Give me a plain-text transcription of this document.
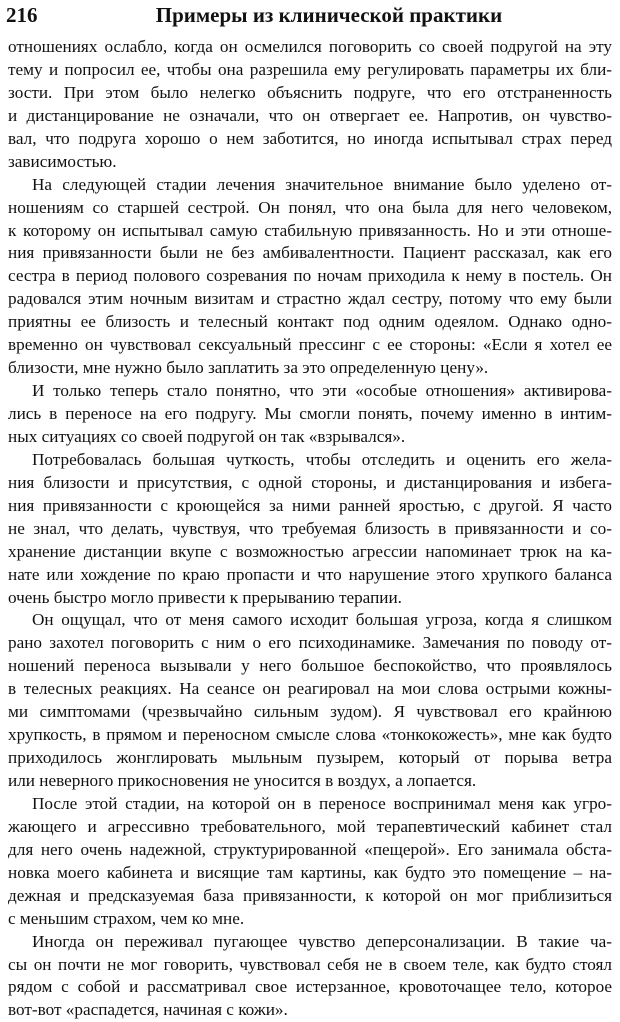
216	Примеры из клинической практики
отношениях ослабло, когда он осмелился поговорить со своей подругой на эту
тему и попросил ее, чтобы она разрешила ему регулировать параметры их бли-
зости. При этом было нелегко объяснить подруге, что его отстраненность
и дистанцирование не означали, что он отвергает ее. Напротив, он чувство-
вал, что подруга хорошо о нем заботится, но иногда испытывал страх перед
зависимостью.
На следующей стадии лечения значительное внимание было уделено от-
ношениям со старшей сестрой. Он понял, что она была для него человеком,
к которому он испытывал самую стабильную привязанность. Но и эти отноше-
ния привязанности были не без амбивалентности. Пациент рассказал, как его
сестра в период полового созревания по ночам приходила к нему в постель. Он
радовался этим ночным визитам и страстно ждал сестру, потому что ему были
приятны ее близость и телесный контакт под одним одеялом. Однако одно-
временно он чувствовал сексуальный прессинг с ее стороны: «Если я хотел ее
близости, мне нужно было заплатить за это определенную цену».
И только теперь стало понятно, что эти «особые отношения» активирова-
лись в переносе на его подругу. Мы смогли понять, почему именно в интим-
ных ситуациях со своей подругой он так «взрывался».
Потребовалась большая чуткость, чтобы отследить и оценить его жела-
ния близости и присутствия, с одной стороны, и дистанцирования и избега-
ния привязанности с кроющейся за ними ранней яростью, с другой. Я часто
не знал, что делать, чувствуя, что требуемая близость в привязанности и со-
хранение дистанции вкупе с возможностью агрессии напоминает трюк на ка-
нате или хождение по краю пропасти и что нарушение этого хрупкого баланса
очень быстро могло привести к прерыванию терапии.
Он ощущал, что от меня самого исходит большая угроза, когда я слишком
рано захотел поговорить с ним о его психодинамике. Замечания по поводу от-
ношений переноса вызывали у него большое беспокойство, что проявлялось
в телесных реакциях. На сеансе он реагировал на мои слова острыми кожны-
ми симптомами (чрезвычайно сильным зудом). Я чувствовал его крайнюю
хрупкость, в прямом и переносном смысле слова «тонкокожесть», мне как будто
приходилось жонглировать мыльным пузырем, который от порыва ветра
или неверного прикосновения не уносится в воздух, а лопается.
После этой стадии, на которой он в переносе воспринимал меня как угро-
жающего и агрессивно требовательного, мой терапевтический кабинет стал
для него очень надежной, структурированной «пещерой». Его занимала обста-
новка моего кабинета и висящие там картины, как будто это помещение – на-
дежная и предсказуемая база привязанности, к которой он мог приблизиться
с меньшим страхом, чем ко мне.
Иногда он переживал пугающее чувство деперсонализации. В такие ча-
сы он почти не мог говорить, чувствовал себя не в своем теле, как будто стоял
рядом с собой и рассматривал свое истерзанное, кровоточащее тело, которое
вот-вот «распадется, начиная с кожи».
